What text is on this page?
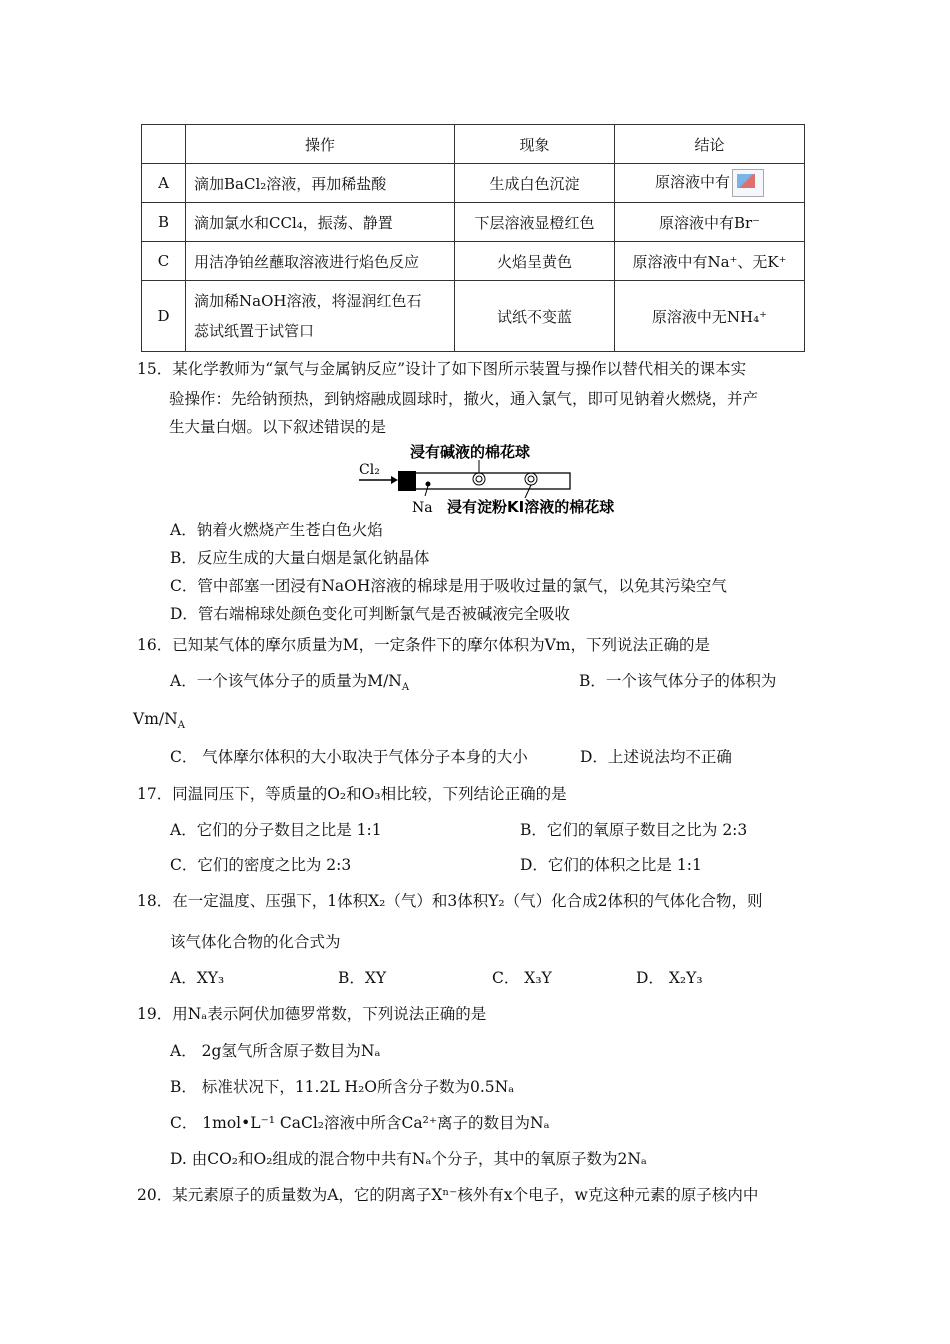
	操作	现象	结论
A	滴加BaCl₂溶液，再加稀盐酸	生成白色沉淀	原溶液中有
B	滴加氯水和CCl₄，振荡、静置	下层溶液显橙红色	原溶液中有Br⁻
C	用洁净铂丝蘸取溶液进行焰色反应	火焰呈黄色	原溶液中有Na⁺、无K⁺
D	滴加稀NaOH溶液，将湿润红色石
蕊试纸置于试管口	试纸不变蓝	原溶液中无NH₄⁺
15．某化学教师为“氯气与金属钠反应”设计了如下图所示装置与操作以替代相关的课本实
验操作：先给钠预热，到钠熔融成圆球时，撤火，通入氯气，即可见钠着火燃烧，并产
生大量白烟。以下叙述错误的是
浸有碱液的棉花球
Cl₂
Na 浸有淀粉KI溶液的棉花球
A．钠着火燃烧产生苍白色火焰
B．反应生成的大量白烟是氯化钠晶体
C．管中部塞一团浸有NaOH溶液的棉球是用于吸收过量的氯气，以免其污染空气
D．管右端棉球处颜色变化可判断氯气是否被碱液完全吸收
16．已知某气体的摩尔质量为M，一定条件下的摩尔体积为Vm，下列说法正确的是
A．一个该气体分子的质量为$M/N_A$	B．一个该气体分子的体积为
$Vm/N_A$
C． 气体摩尔体积的大小取决于气体分子本身的大小	D．上述说法均不正确
17．同温同压下，等质量的O₂和O₃相比较，下列结论正确的是
A．它们的分子数目之比是 1:1	B．它们的氧原子数目之比为 2:3
C．它们的密度之比为 2:3	D．它们的体积之比是 1:1
18．在一定温度、压强下，1体积X₂（气）和3体积Y₂（气）化合成2体积的气体化合物，则
该气体化合物的化合式为
A．XY₃	B．XY	C． X₃Y	D． X₂Y₃
19．用Nₐ表示阿伏加德罗常数，下列说法正确的是
A． 2g氢气所含原子数目为Nₐ
B． 标准状况下，11.2L H₂O所含分子数为0.5Nₐ
C． 1mol•L⁻¹ CaCl₂溶液中所含Ca²⁺离子的数目为Nₐ
D. 由CO₂和O₂组成的混合物中共有Nₐ个分子，其中的氧原子数为2Nₐ
20．某元素原子的质量数为A，它的阴离子Xⁿ⁻核外有x个电子，w克这种元素的原子核内中
